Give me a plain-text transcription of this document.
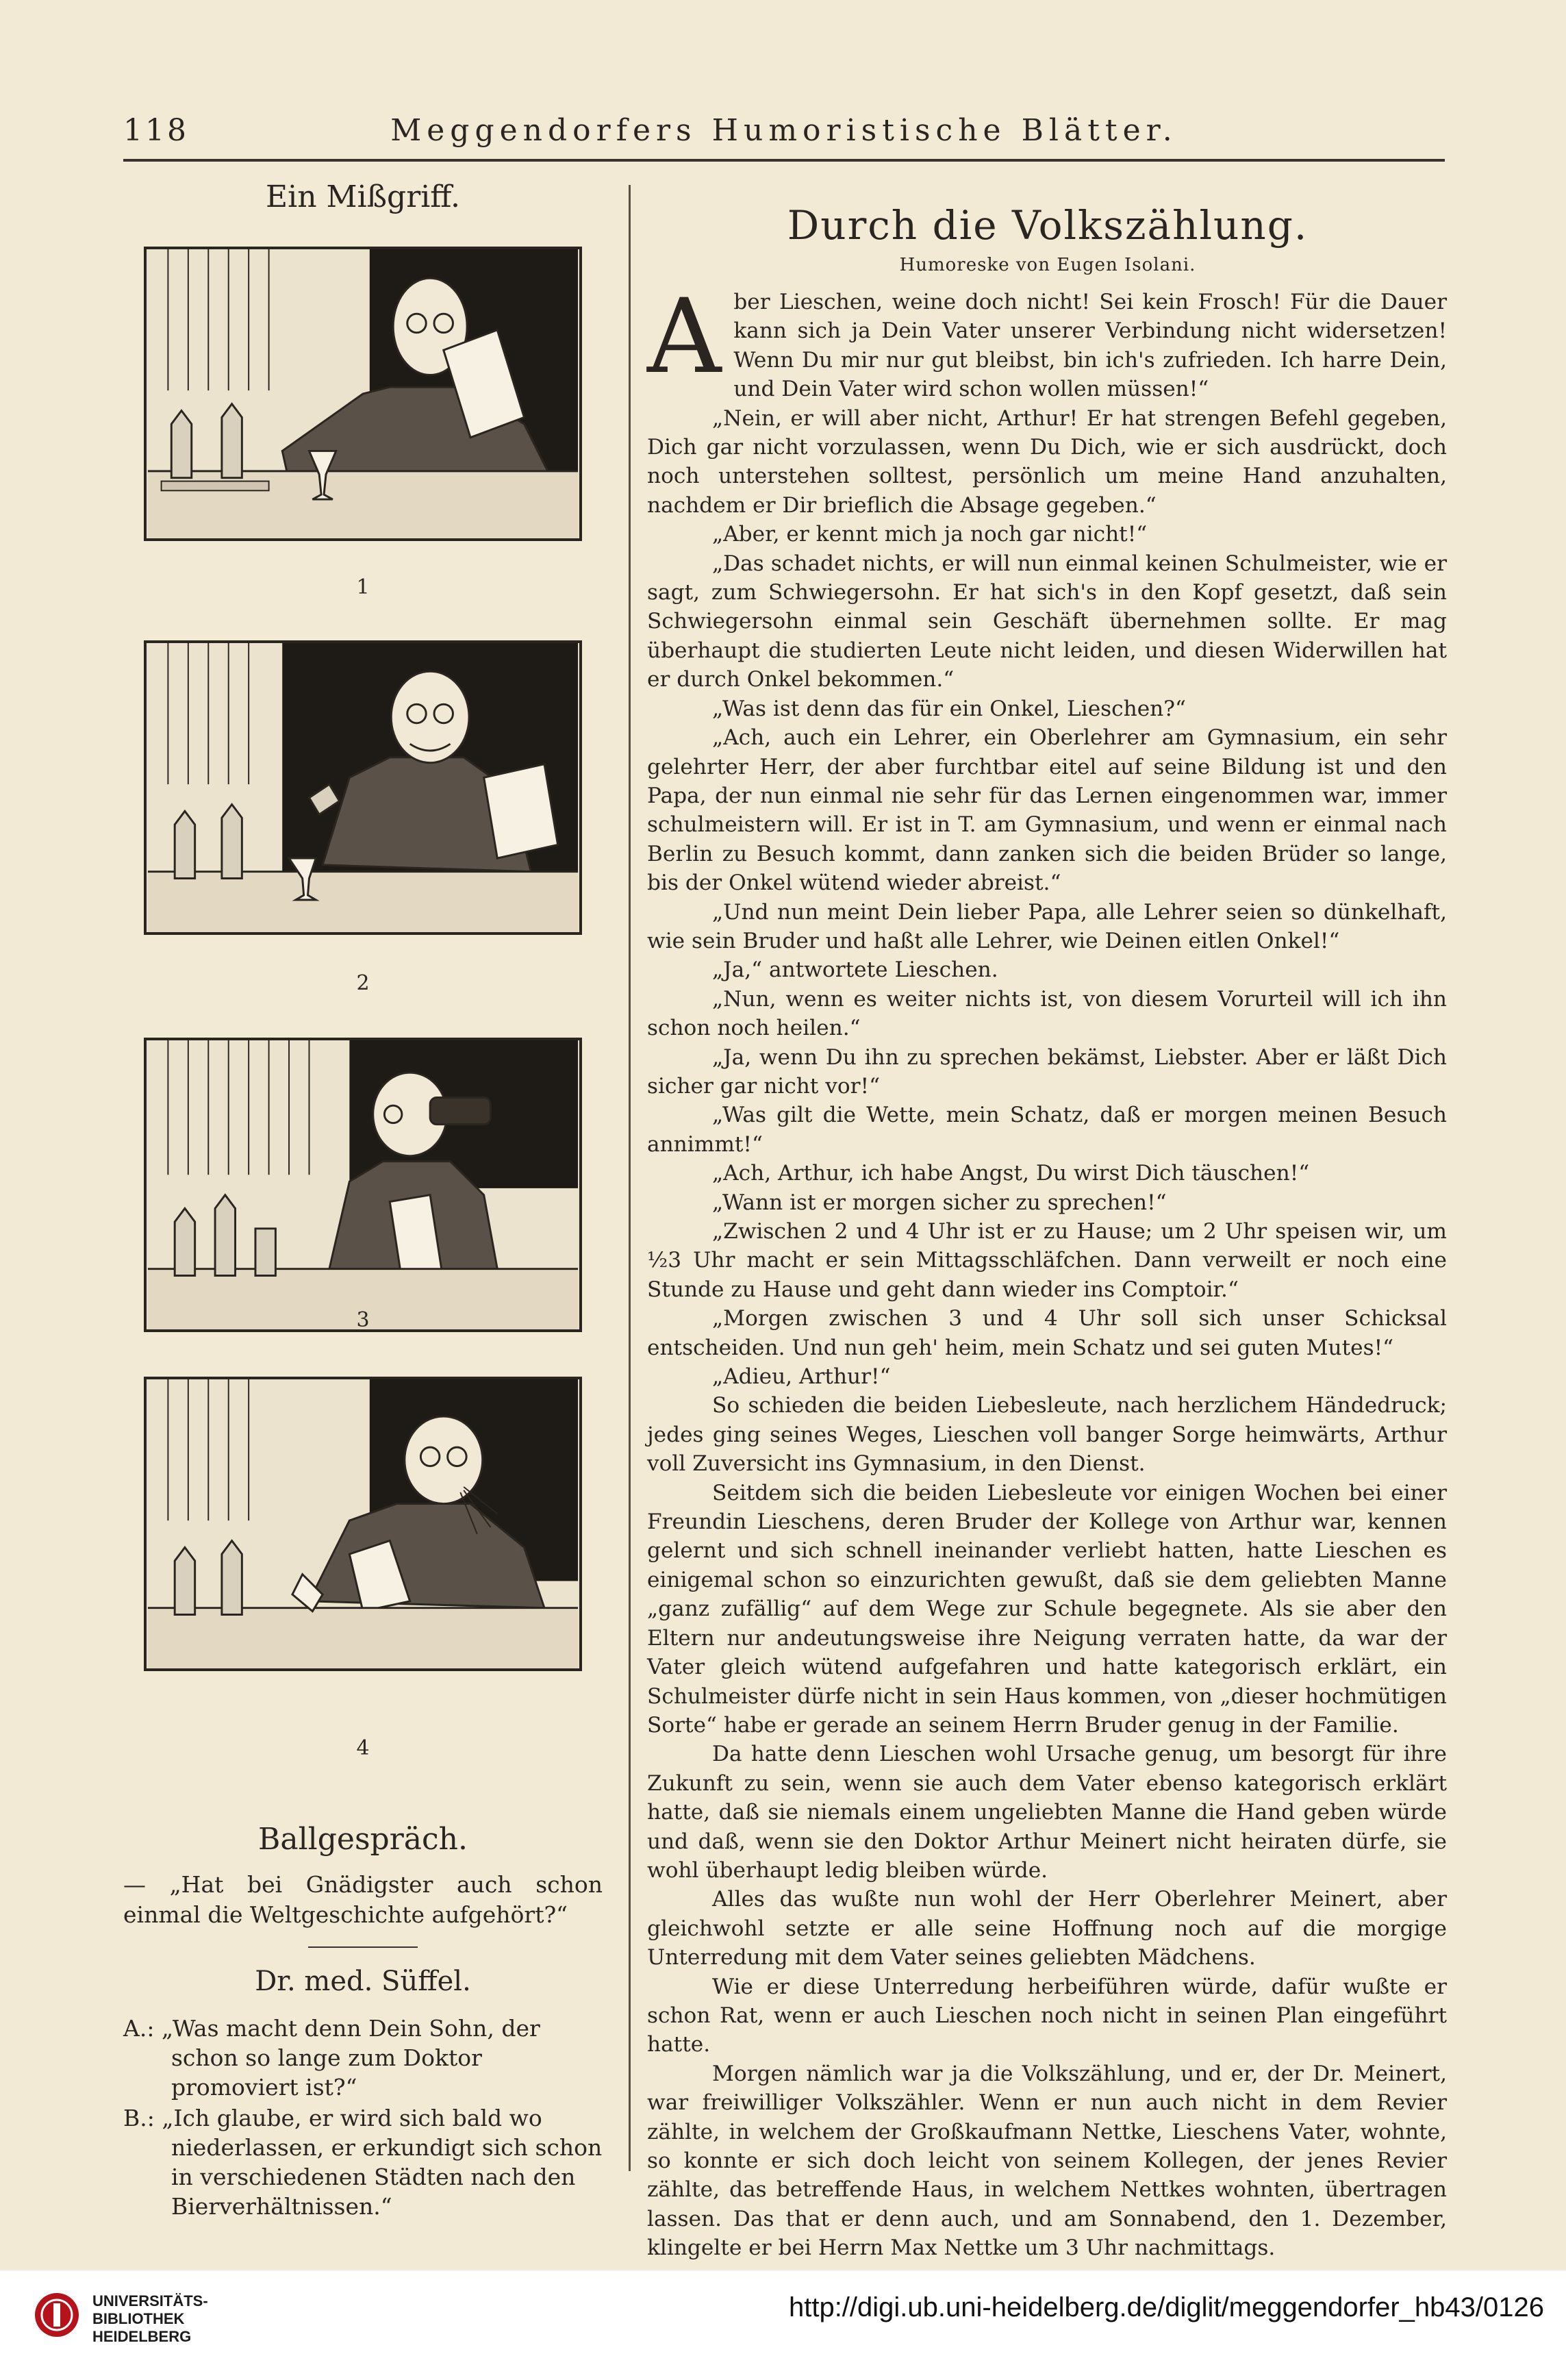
118	Meggendorfers Humoristische Blätter.
Ein Mißgriff.
1
2
3
4
Ballgespräch.
— „Hat bei Gnädigster auch schon einmal die Weltgeschichte aufgehört?“
Dr. med. Süffel.

A.: „Was macht denn Dein Sohn, der schon so lange zum Doktor promoviert ist?“

B.: „Ich glaube, er wird sich bald wo niederlassen, er erkundigt sich schon in verschiedenen Städten nach den Bierverhältnissen.“

Durch die Volkszählung.
Humoreske von Eugen Isolani.

Aber Lieschen, weine doch nicht! Sei kein Frosch! Für die Dauer kann sich ja Dein Vater unserer Verbindung nicht widersetzen! Wenn Du mir nur gut bleibst, bin ich's zufrieden. Ich harre Dein, und Dein Vater wird schon wollen müssen!“

„Nein, er will aber nicht, Arthur! Er hat strengen Befehl gegeben, Dich gar nicht vorzulassen, wenn Du Dich, wie er sich ausdrückt, doch noch unterstehen solltest, persönlich um meine Hand anzuhalten, nachdem er Dir brieflich die Absage gegeben.“

„Aber, er kennt mich ja noch gar nicht!“

„Das schadet nichts, er will nun einmal keinen Schulmeister, wie er sagt, zum Schwiegersohn. Er hat sich's in den Kopf gesetzt, daß sein Schwiegersohn einmal sein Geschäft übernehmen sollte. Er mag überhaupt die studierten Leute nicht leiden, und diesen Widerwillen hat er durch Onkel bekommen.“

„Was ist denn das für ein Onkel, Lieschen?“

„Ach, auch ein Lehrer, ein Oberlehrer am Gymnasium, ein sehr gelehrter Herr, der aber furchtbar eitel auf seine Bildung ist und den Papa, der nun einmal nie sehr für das Lernen eingenommen war, immer schulmeistern will. Er ist in T. am Gymnasium, und wenn er einmal nach Berlin zu Besuch kommt, dann zanken sich die beiden Brüder so lange, bis der Onkel wütend wieder abreist.“

„Und nun meint Dein lieber Papa, alle Lehrer seien so dünkelhaft, wie sein Bruder und haßt alle Lehrer, wie Deinen eitlen Onkel!“

„Ja,“ antwortete Lieschen.

„Nun, wenn es weiter nichts ist, von diesem Vorurteil will ich ihn schon noch heilen.“

„Ja, wenn Du ihn zu sprechen bekämst, Liebster. Aber er läßt Dich sicher gar nicht vor!“

„Was gilt die Wette, mein Schatz, daß er morgen meinen Besuch annimmt!“

„Ach, Arthur, ich habe Angst, Du wirst Dich täuschen!“

„Wann ist er morgen sicher zu sprechen!“

„Zwischen 2 und 4 Uhr ist er zu Hause; um 2 Uhr speisen wir, um ½3 Uhr macht er sein Mittagsschläfchen. Dann verweilt er noch eine Stunde zu Hause und geht dann wieder ins Comptoir.“

„Morgen zwischen 3 und 4 Uhr soll sich unser Schicksal entscheiden. Und nun geh' heim, mein Schatz und sei guten Mutes!“

„Adieu, Arthur!“

So schieden die beiden Liebesleute, nach herzlichem Händedruck; jedes ging seines Weges, Lieschen voll banger Sorge heimwärts, Arthur voll Zuversicht ins Gymnasium, in den Dienst.

Seitdem sich die beiden Liebesleute vor einigen Wochen bei einer Freundin Lieschens, deren Bruder der Kollege von Arthur war, kennen gelernt und sich schnell ineinander verliebt hatten, hatte Lieschen es einigemal schon so einzurichten gewußt, daß sie dem geliebten Manne „ganz zufällig“ auf dem Wege zur Schule begegnete. Als sie aber den Eltern nur andeutungsweise ihre Neigung verraten hatte, da war der Vater gleich wütend aufgefahren und hatte kategorisch erklärt, ein Schulmeister dürfe nicht in sein Haus kommen, von „dieser hochmütigen Sorte“ habe er gerade an seinem Herrn Bruder genug in der Familie.

Da hatte denn Lieschen wohl Ursache genug, um besorgt für ihre Zukunft zu sein, wenn sie auch dem Vater ebenso kategorisch erklärt hatte, daß sie niemals einem ungeliebten Manne die Hand geben würde und daß, wenn sie den Doktor Arthur Meinert nicht heiraten dürfe, sie wohl überhaupt ledig bleiben würde.

Alles das wußte nun wohl der Herr Oberlehrer Meinert, aber gleichwohl setzte er alle seine Hoffnung noch auf die morgige Unterredung mit dem Vater seines geliebten Mädchens.

Wie er diese Unterredung herbeiführen würde, dafür wußte er schon Rat, wenn er auch Lieschen noch nicht in seinen Plan eingeführt hatte.

Morgen nämlich war ja die Volkszählung, und er, der Dr. Meinert, war freiwilliger Volkszähler. Wenn er nun auch nicht in dem Revier zählte, in welchem der Großkaufmann Nettke, Lieschens Vater, wohnte, so konnte er sich doch leicht von seinem Kollegen, der jenes Revier zählte, das betreffende Haus, in welchem Nettkes wohnten, übertragen lassen. Das that er denn auch, und am Sonnabend, den 1. Dezember, klingelte er bei Herrn Max Nettke um 3 Uhr nachmittags.

UNIVERSITÄTS-
BIBLIOTHEK
HEIDELBERG
http://digi.ub.uni-heidelberg.de/diglit/meggendorfer_hb43/0126
